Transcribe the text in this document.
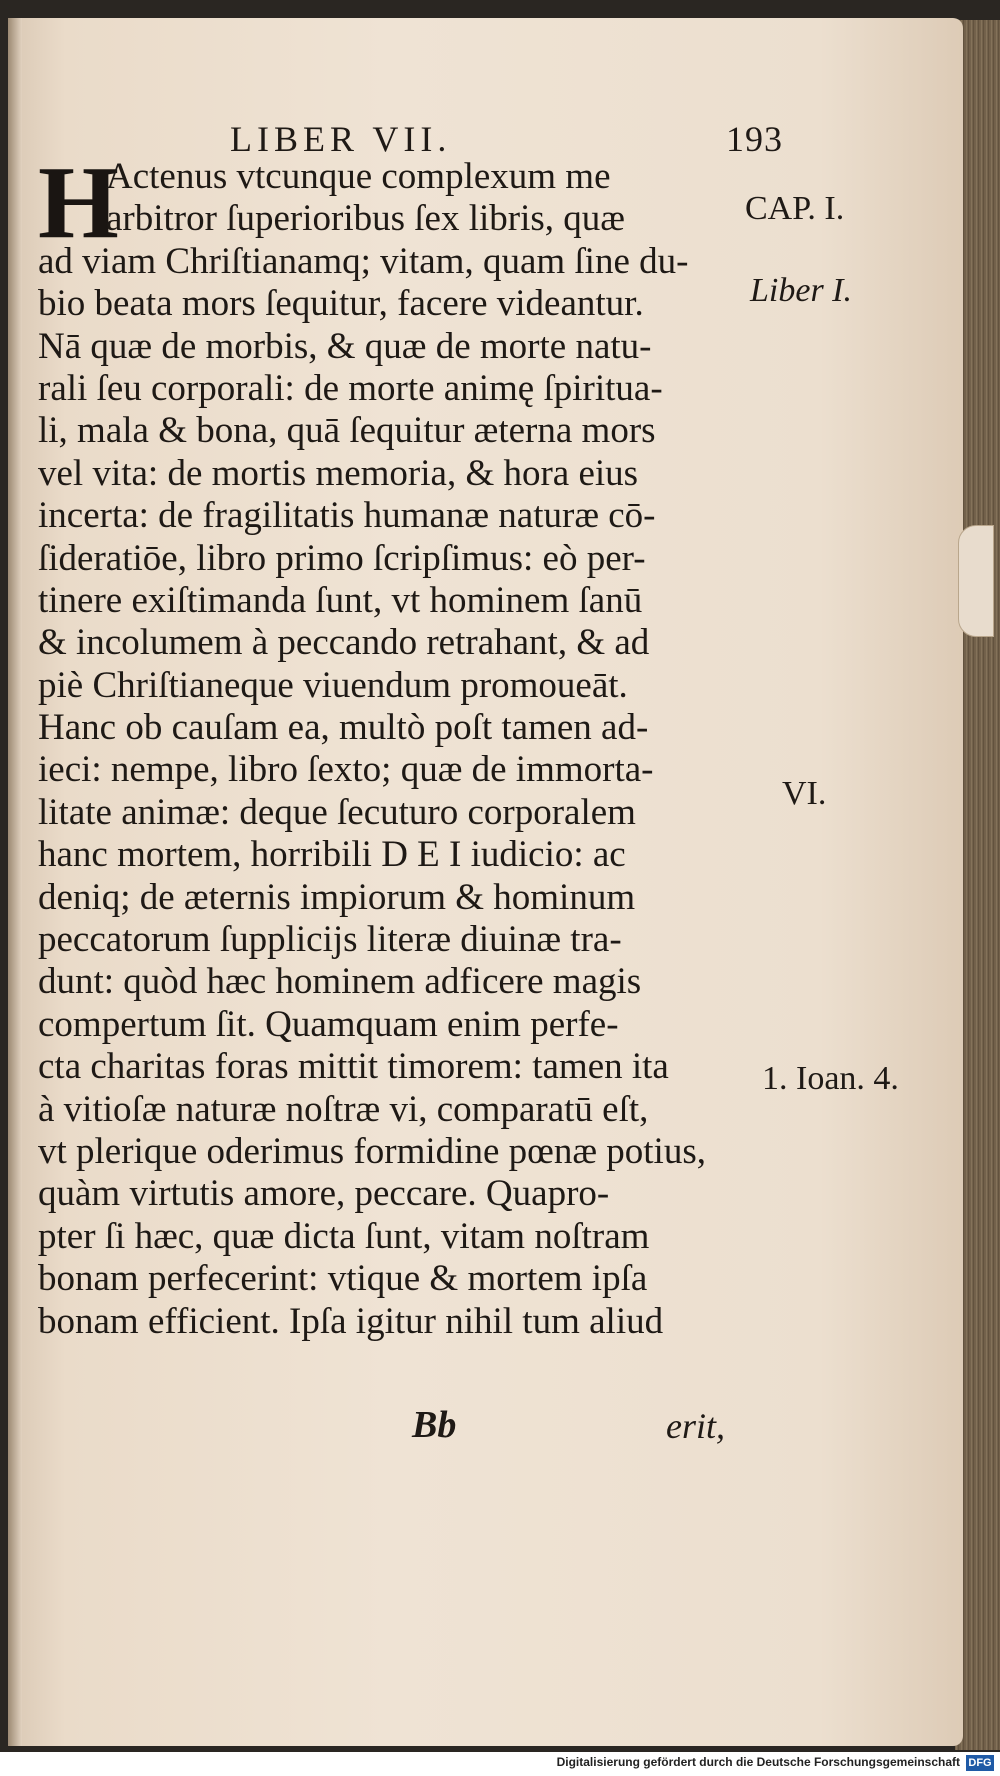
LIBER VII.	193
H
Actenus vtcunque complexum me
arbitror ſuperioribus ſex libris, quæ
ad viam Chriſtianamq; vitam, quam ſine du-
bio beata mors ſequitur, facere videantur.
Nā quæ de morbis, & quæ de morte natu-
rali ſeu corporali: de morte animę ſpiritua-
li, mala & bona, quā ſequitur æterna mors
vel vita: de mortis memoria, & hora eius
incerta: de fragilitatis humanæ naturæ cō-
ſideratiōe, libro primo ſcripſimus: eò per-
tinere exiſtimanda ſunt, vt hominem ſanū
& incolumem à peccando retrahant, & ad
piè Chriſtianeque viuendum promoueāt.
Hanc ob cauſam ea, multò poſt tamen ad-
ieci: nempe, libro ſexto; quæ de immorta-
litate animæ: deque ſecuturo corporalem
hanc mortem, horribili D E I iudicio: ac
deniq; de æternis impiorum & hominum
peccatorum ſupplicijs literæ diuinæ tra-
dunt: quòd hæc hominem adficere magis
compertum ſit. Quamquam enim perfe-
cta charitas foras mittit timorem: tamen ita
à vitioſæ naturæ noſtræ vi, comparatū eſt,
vt plerique oderimus formidine pœnæ potius,
quàm virtutis amore, peccare. Quapro-
pter ſi hæc, quæ dicta ſunt, vitam noſtram
bonam perfecerint: vtique & mortem ipſa
bonam efficient. Ipſa igitur nihil tum aliud
CAP. I.
Liber I.
VI.
1. Ioan. 4.
Bb	erit,
Digitalisierung gefördert durch die Deutsche Forschungsgemeinschaft DFG
